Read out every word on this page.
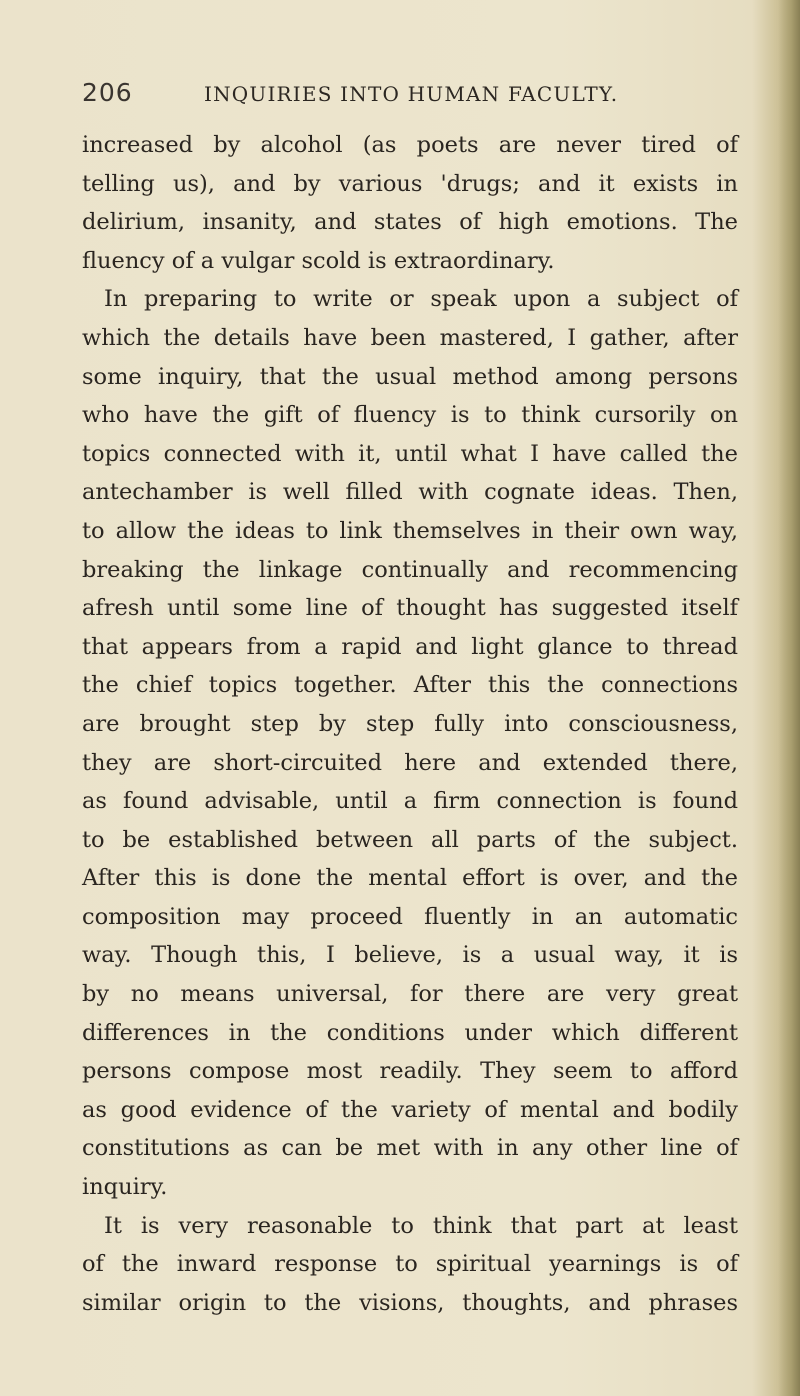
206	INQUIRIES INTO HUMAN FACULTY.
increased by alcohol (as poets are never tired of
telling us), and by various 'drugs; and it exists in
delirium, insanity, and states of high emotions. The
fluency of a vulgar scold is extraordinary.
In preparing to write or speak upon a subject of
which the details have been mastered, I gather, after
some inquiry, that the usual method among persons
who have the gift of fluency is to think cursorily on
topics connected with it, until what I have called the
antechamber is well filled with cognate ideas. Then,
to allow the ideas to link themselves in their own way,
breaking the linkage continually and recommencing
afresh until some line of thought has suggested itself
that appears from a rapid and light glance to thread
the chief topics together. After this the connections
are brought step by step fully into consciousness,
they are short-circuited here and extended there,
as found advisable, until a firm connection is found
to be established between all parts of the subject.
After this is done the mental effort is over, and the
composition may proceed fluently in an automatic
way. Though this, I believe, is a usual way, it is
by no means universal, for there are very great
differences in the conditions under which different
persons compose most readily. They seem to afford
as good evidence of the variety of mental and bodily
constitutions as can be met with in any other line of
inquiry.
It is very reasonable to think that part at least
of the inward response to spiritual yearnings is of
similar origin to the visions, thoughts, and phrases
